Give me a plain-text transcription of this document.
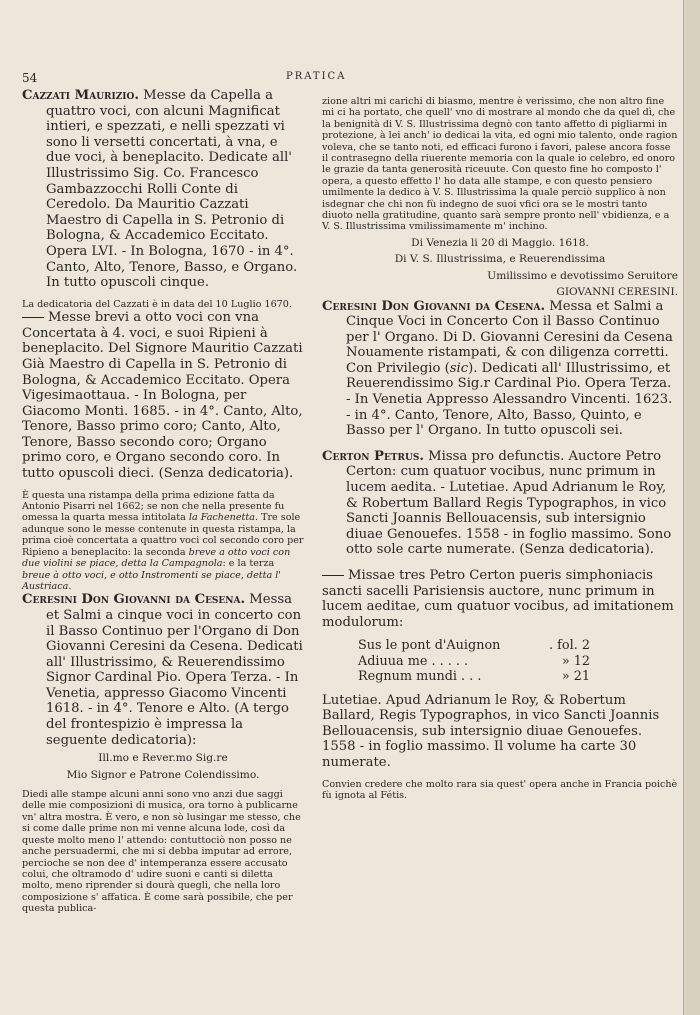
54	PRATICA

Cazzati Maurizio. Messe da Capella a quattro voci, con alcuni Magnificat intieri, e spezzati, e nelli spezzati vi sono li versetti concertati, à vna, e due voci, à beneplacito. Dedicate all' Illustrissimo Sig. Co. Francesco Gambazzocchi Rolli Conte di Ceredolo. Da Mauritio Cazzati Maestro di Capella in S. Petronio di Bologna, & Accademico Eccitato. Opera LVI. - In Bologna, 1670 - in 4°. Canto, Alto, Tenore, Basso, e Organo. In tutto opuscoli cinque.

La dedicatoria del Cazzati è in data del 10 Luglio 1670.

Messe brevi a otto voci con vna Concertata à 4. voci, e suoi Ripieni à beneplacito. Del Signore Mauritio Cazzati Già Maestro di Capella in S. Petronio di Bologna, & Accademico Eccitato. Opera Vigesimaottaua. - In Bologna, per Giacomo Monti. 1685. - in 4°. Canto, Alto, Tenore, Basso primo coro; Canto, Alto, Tenore, Basso secondo coro; Organo primo coro, e Organo secondo coro. In tutto opuscoli dieci. (Senza dedicatoria).

È questa una ristampa della prima edizione fatta da Antonio Pisarri nel 1662; se non che nella presente fu omessa la quarta messa intitolata la Fachenetta. Tre sole adunque sono le messe contenute in questa ristampa, la prima cioè concertata a quattro voci col secondo coro per Ripieno a beneplacito: la seconda breve a otto voci con due violini se piace, detta la Campagnola: e la terza breue à otto voci, e otto Instromenti se piace, detta l' Austriaca.

Ceresini Don Giovanni da Cesena. Messa et Salmi a cinque voci in concerto con il Basso Continuo per l'Organo di Don Giovanni Ceresini da Cesena. Dedicati all' Illustrissimo, & Reuerendissimo Signor Cardinal Pio. Opera Terza. - In Venetia, appresso Giacomo Vincenti 1618. - in 4°. Tenore e Alto. (A tergo del frontespizio è impressa la seguente dedicatoria):

Ill.mo e Rever.mo Sig.re

Mio Signor e Patrone Colendissimo.

Diedi alle stampe alcuni anni sono vno anzi due saggi delle mie composizioni di musica, ora torno à publicarne vn' altra mostra. È vero, e non sò lusingar me stesso, che si come dalle prime non mi venne alcuna lode, così da queste molto meno l' attendo: contuttociò non posso ne anche persuadermi, che mi si debba imputar ad errore, percioche se non dee d' intemperanza essere accusato colui, che oltramodo d' udire suoni e canti si diletta molto, meno riprender si dourà quegli, che nella loro composizione s' affatica. È come sarà possibile, che per questa publica-

zione altri mi carichi di biasmo, mentre è verissimo, che non altro fine mi ci ha portato, che quell' vno di mostrare al mondo che da quel dì, che la benignità di V. S. Illustrissima degnò con tanto affetto di pigliarmi in protezione, à lei anch' io dedicai la vita, ed ogni mio talento, onde ragion voleva, che se tanto noti, ed efficaci furono i favori, palese ancora fosse il contrasegno della riuerente memoria con la quale io celebro, ed onoro le grazie da tanta generosità riceuute. Con questo fine ho composto l' opera, a questo effetto l' ho data alle stampe, e con questo pensiero umilmente la dedico à V. S. Illustrissima la quale perciò supplico à non isdegnar che chi non fù indegno de suoi vfici ora se le mostri tanto diuoto nella gratitudine, quanto sarà sempre pronto nell' vbidienza, e a V. S. Illustrissima vmilissimamente m' inchino.

Di Venezia li 20 di Maggio. 1618.

Di V. S. Illustrissima, e Reuerendissima

Umilissimo e devotissimo Seruitore

GIOVANNI CERESINI.

Ceresini Don Giovanni da Cesena. Messa et Salmi a Cinque Voci in Concerto Con il Basso Continuo per l' Organo. Di D. Giovanni Ceresini da Cesena Nouamente ristampati, & con diligenza corretti. Con Privilegio (sic). Dedicati all' Illustrissimo, et Reuerendissimo Sig.r Cardinal Pio. Opera Terza. - In Venetia Appresso Alessandro Vincenti. 1623. - in 4°. Canto, Tenore, Alto, Basso, Quinto, e Basso per l' Organo. In tutto opuscoli sei.

Certon Petrus. Missa pro defunctis. Auctore Petro Certon: cum quatuor vocibus, nunc primum in lucem aedita. - Lutetiae. Apud Adrianum le Roy, & Robertum Ballard Regis Typographos, in vico Sancti Joannis Bellouacensis, sub intersignio diuae Genouefes. 1558 - in foglio massimo. Sono otto sole carte numerate. (Senza dedicatoria).

Missae tres Petro Certon pueris simphoniacis sancti sacelli Parisiensis auctore, nunc primum in lucem aeditae, cum quatuor vocibus, ad imitationem modulorum:

Sus le pont d'Auignon	. fol. 2
Adiuua me . . . . .	» 12
Regnum mundi . . .	» 21

Lutetiae. Apud Adrianum le Roy, & Robertum Ballard, Regis Typographos, in vico Sancti Joannis Bellouacensis, sub intersignio diuae Genouefes. 1558 - in foglio massimo. Il volume ha carte 30 numerate.

Convien credere che molto rara sia quest' opera anche in Francia poichè fù ignota al Fétis.
